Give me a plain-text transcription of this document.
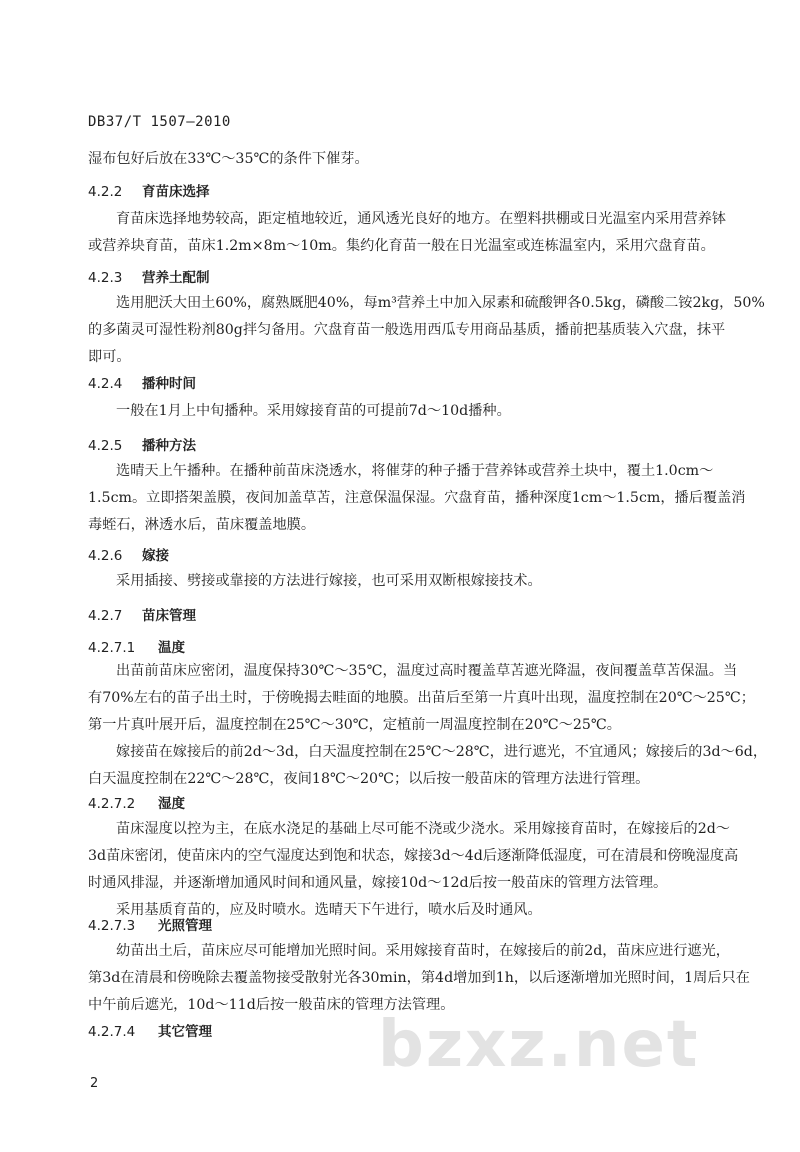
DB37/T 1507—2010
湿布包好后放在33℃～35℃的条件下催芽。
4.2.2 育苗床选择
育苗床选择地势较高，距定植地较近，通风透光良好的地方。在塑料拱棚或日光温室内采用营养钵
或营养块育苗，苗床1.2m×8m～10m。集约化育苗一般在日光温室或连栋温室内，采用穴盘育苗。
4.2.3 营养土配制
选用肥沃大田土60%，腐熟厩肥40%，每m³营养土中加入尿素和硫酸钾各0.5kg，磷酸二铵2kg，50%
的多菌灵可湿性粉剂80g拌匀备用。穴盘育苗一般选用西瓜专用商品基质，播前把基质装入穴盘，抹平
即可。
4.2.4 播种时间
一般在1月上中旬播种。采用嫁接育苗的可提前7d～10d播种。
4.2.5 播种方法
选晴天上午播种。在播种前苗床浇透水，将催芽的种子播于营养钵或营养土块中，覆土1.0cm～
1.5cm。立即搭架盖膜，夜间加盖草苫，注意保温保湿。穴盘育苗，播种深度1cm～1.5cm，播后覆盖消
毒蛭石，淋透水后，苗床覆盖地膜。
4.2.6 嫁接
采用插接、劈接或靠接的方法进行嫁接，也可采用双断根嫁接技术。
4.2.7 苗床管理
4.2.7.1 温度
出苗前苗床应密闭，温度保持30℃～35℃，温度过高时覆盖草苫遮光降温，夜间覆盖草苫保温。当
有70%左右的苗子出土时，于傍晚揭去畦面的地膜。出苗后至第一片真叶出现，温度控制在20℃～25℃；
第一片真叶展开后，温度控制在25℃～30℃，定植前一周温度控制在20℃～25℃。
嫁接苗在嫁接后的前2d～3d，白天温度控制在25℃～28℃，进行遮光，不宜通风；嫁接后的3d～6d，
白天温度控制在22℃～28℃，夜间18℃～20℃；以后按一般苗床的管理方法进行管理。
4.2.7.2 湿度
苗床湿度以控为主，在底水浇足的基础上尽可能不浇或少浇水。采用嫁接育苗时，在嫁接后的2d～
3d苗床密闭，使苗床内的空气湿度达到饱和状态，嫁接3d～4d后逐渐降低湿度，可在清晨和傍晚湿度高
时通风排湿，并逐渐增加通风时间和通风量，嫁接10d～12d后按一般苗床的管理方法管理。
采用基质育苗的，应及时喷水。选晴天下午进行，喷水后及时通风。
4.2.7.3 光照管理
幼苗出土后，苗床应尽可能增加光照时间。采用嫁接育苗时，在嫁接后的前2d，苗床应进行遮光，
第3d在清晨和傍晚除去覆盖物接受散射光各30min，第4d增加到1h，以后逐渐增加光照时间，1周后只在
中午前后遮光，10d～11d后按一般苗床的管理方法管理。
4.2.7.4 其它管理	bzxz.net
2
